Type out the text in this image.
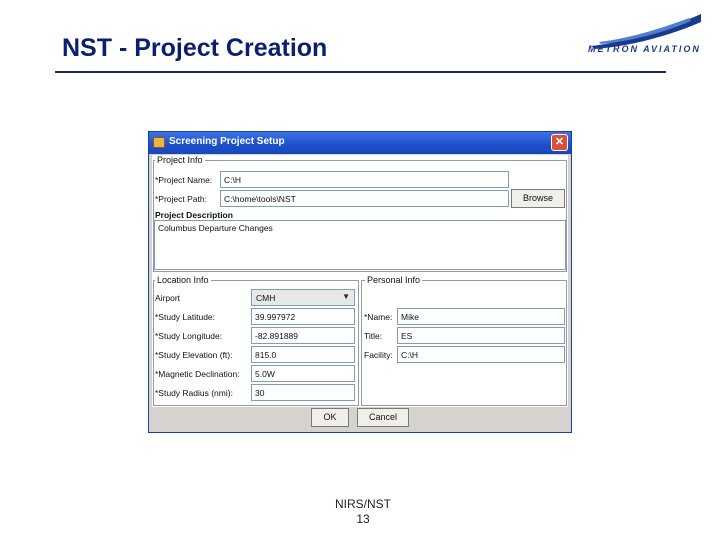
NST - Project Creation	METRON AVIATION
Screening Project Setup	✕
Project Info
*Project Name:	C:\H
*Project Path:	C:\home\tools\NST	Browse
Project Description
Columbus Departure Changes
Location Info
Airport	CMH	▼
*Study Latitude:	39.997972
*Study Longitude:	-82.891889
*Study Elevation (ft):	815.0
*Magnetic Declination:	5.0W
*Study Radius (nmi):	30
Personal Info
*Name:	Mike
Title:	ES
Facility: C:\H
OK	Cancel
NIRS/NST
13
